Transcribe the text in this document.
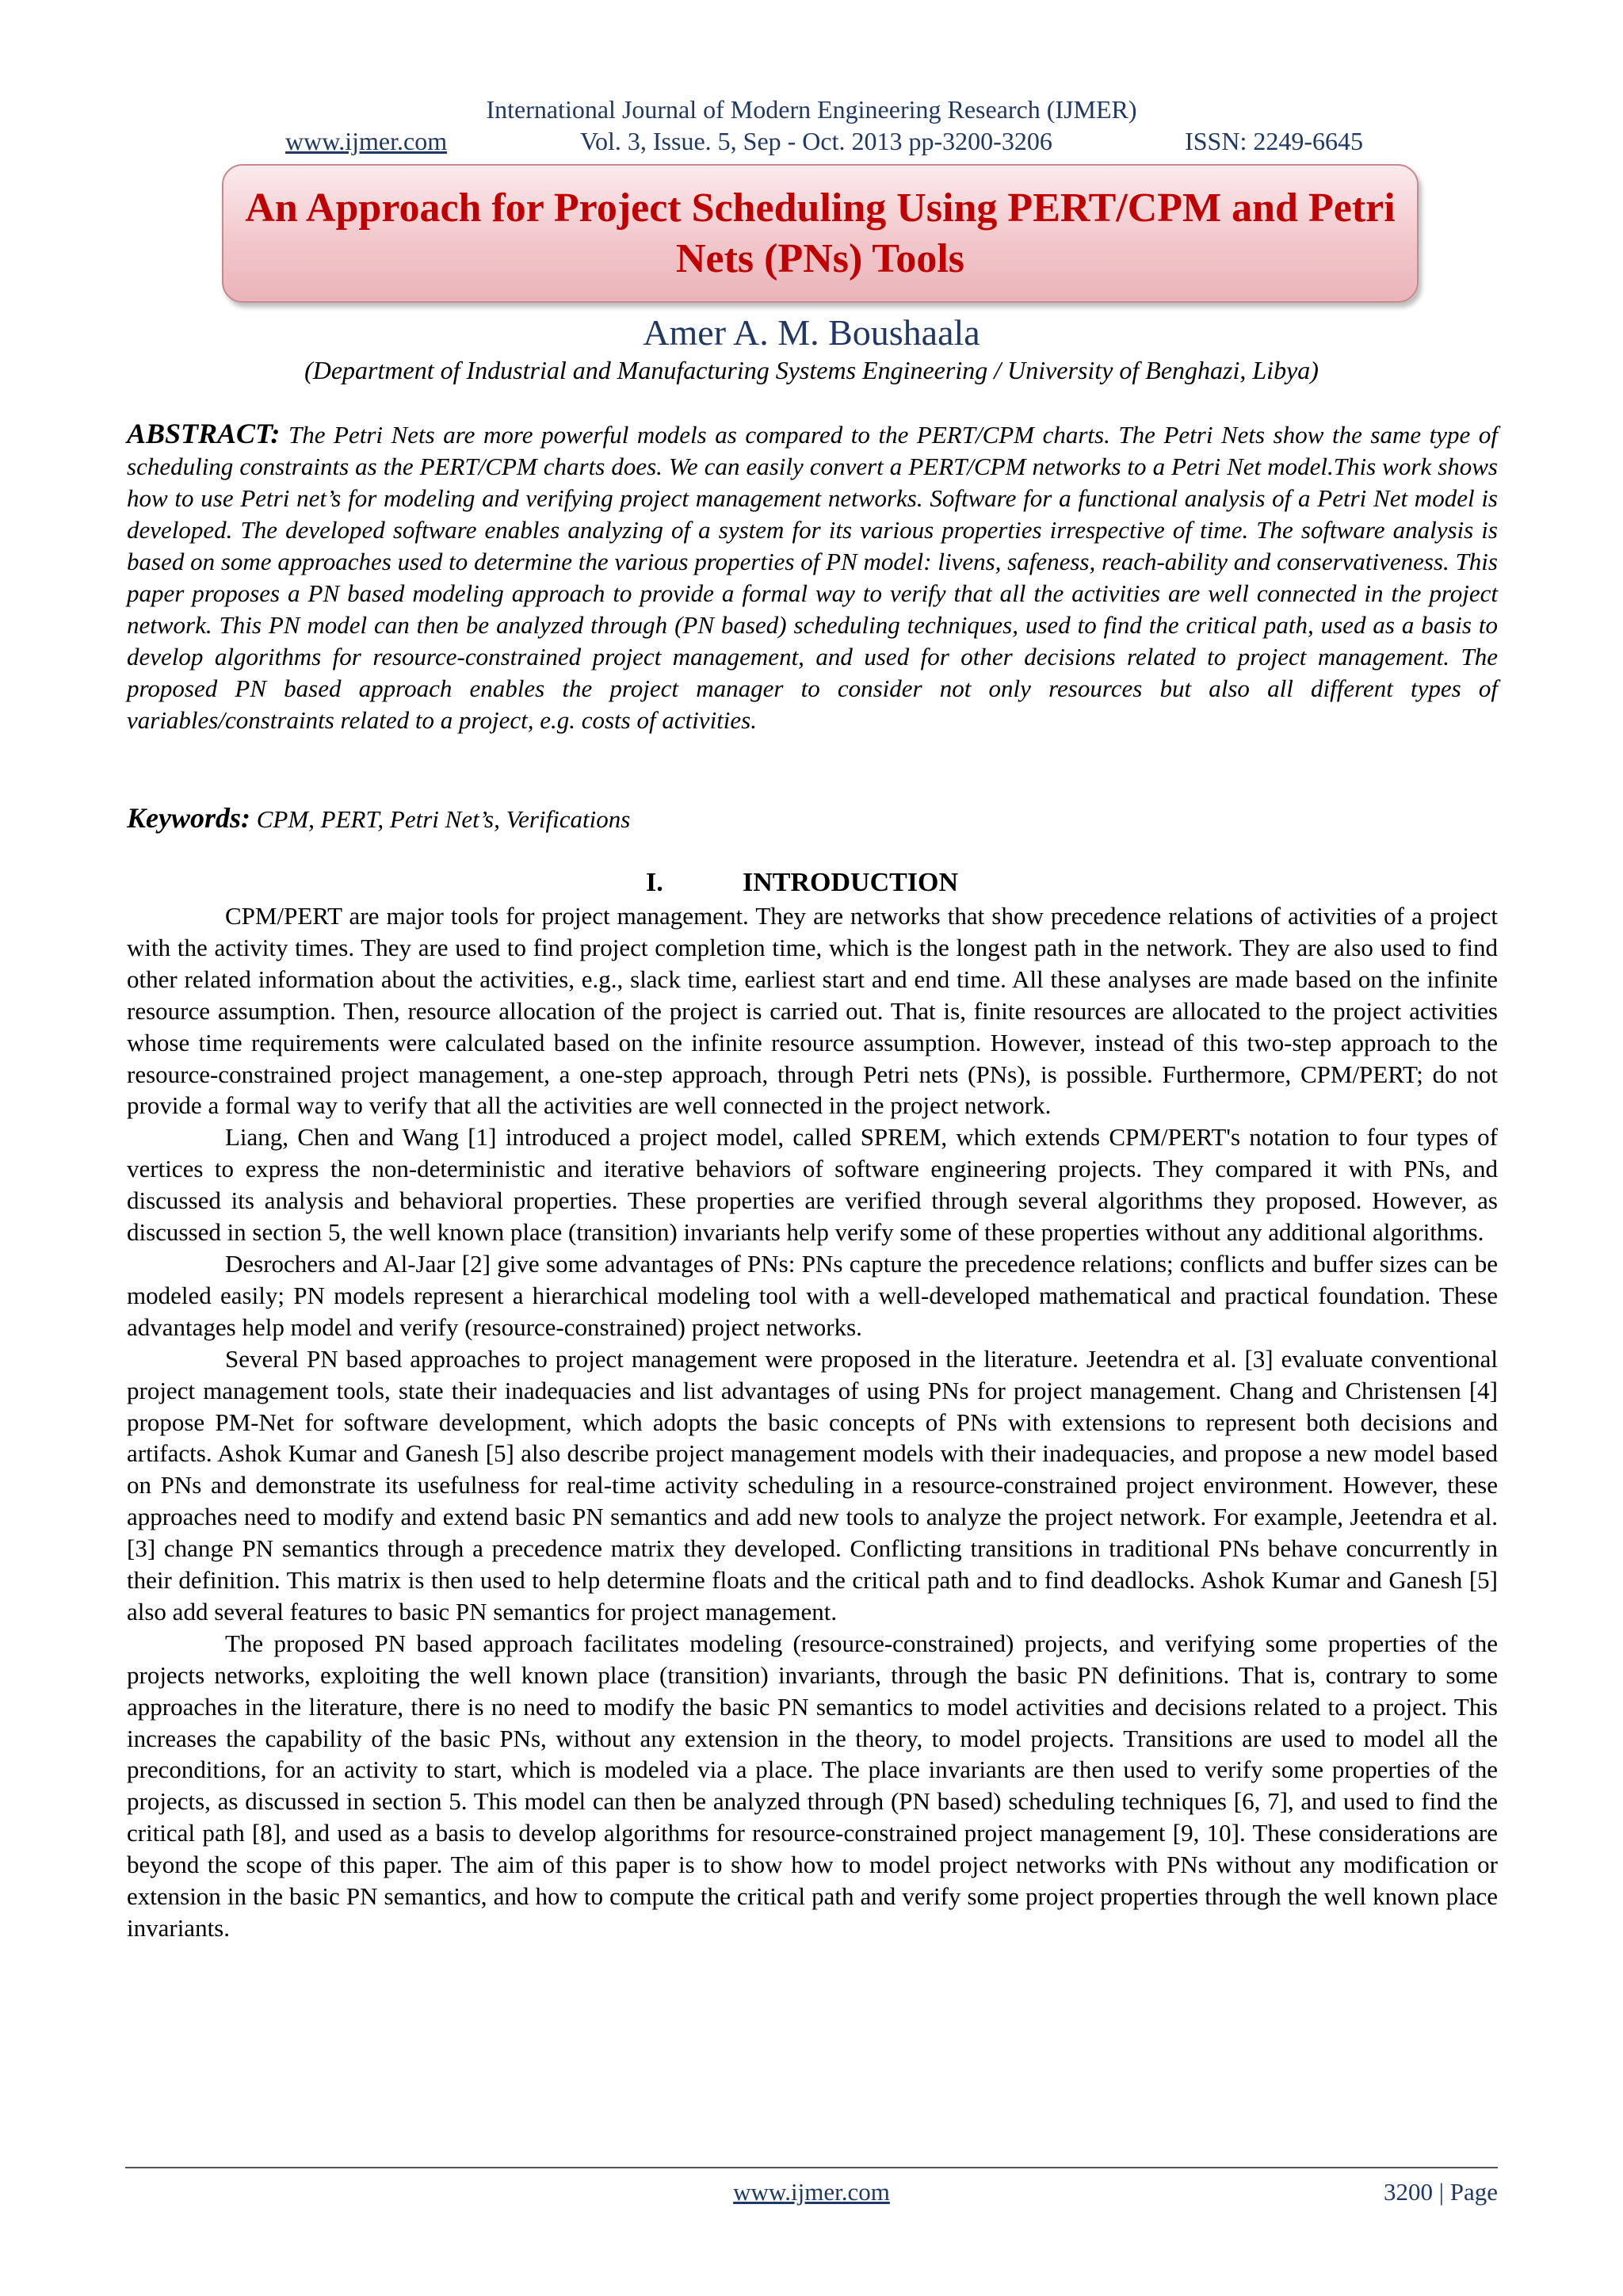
International Journal of Modern Engineering Research (IJMER)
www.ijmer.com	Vol. 3, Issue. 5, Sep - Oct. 2013 pp-3200-3206	ISSN: 2249-6645
An Approach for Project Scheduling Using PERT/CPM and Petri Nets (PNs) Tools
Amer A. M. Boushaala
(Department of Industrial and Manufacturing Systems Engineering / University of Benghazi, Libya)
ABSTRACT: The Petri Nets are more powerful models as compared to the PERT/CPM charts. The Petri Nets show the same type of scheduling constraints as the PERT/CPM charts does. We can easily convert a PERT/CPM networks to a Petri Net model.This work shows how to use Petri net’s for modeling and verifying project management networks. Software for a functional analysis of a Petri Net model is developed. The developed software enables analyzing of a system for its various properties irrespective of time. The software analysis is based on some approaches used to determine the various properties of PN model: livens, safeness, reach-ability and conservativeness. This paper proposes a PN based modeling approach to provide a formal way to verify that all the activities are well connected in the project network. This PN model can then be analyzed through (PN based) scheduling techniques, used to find the critical path, used as a basis to develop algorithms for resource-constrained project management, and used for other decisions related to project management. The proposed PN based approach enables the project manager to consider not only resources but also all different types of variables/constraints related to a project, e.g. costs of activities.
Keywords: CPM, PERT, Petri Net’s, Verifications
I.	INTRODUCTION

CPM/PERT are major tools for project management. They are networks that show precedence relations of activities of a project with the activity times. They are used to find project completion time, which is the longest path in the network. They are also used to find other related information about the activities, e.g., slack time, earliest start and end time. All these analyses are made based on the infinite resource assumption. Then, resource allocation of the project is carried out. That is, finite resources are allocated to the project activities whose time requirements were calculated based on the infinite resource assumption. However, instead of this two-step approach to the resource-constrained project management, a one-step approach, through Petri nets (PNs), is possible. Furthermore, CPM/PERT; do not provide a formal way to verify that all the activities are well connected in the project network.

Liang, Chen and Wang [1] introduced a project model, called SPREM, which extends CPM/PERT's notation to four types of vertices to express the non-deterministic and iterative behaviors of software engineering projects. They compared it with PNs, and discussed its analysis and behavioral properties. These properties are verified through several algorithms they proposed. However, as discussed in section 5, the well known place (transition) invariants help verify some of these properties without any additional algorithms.

Desrochers and Al-Jaar [2] give some advantages of PNs: PNs capture the precedence relations; conflicts and buffer sizes can be modeled easily; PN models represent a hierarchical modeling tool with a well-developed mathematical and practical foundation. These advantages help model and verify (resource-constrained) project networks.

Several PN based approaches to project management were proposed in the literature. Jeetendra et al. [3] evaluate conventional project management tools, state their inadequacies and list advantages of using PNs for project management. Chang and Christensen [4] propose PM-Net for software development, which adopts the basic concepts of PNs with extensions to represent both decisions and artifacts. Ashok Kumar and Ganesh [5] also describe project management models with their inadequacies, and propose a new model based on PNs and demonstrate its usefulness for real-time activity scheduling in a resource-constrained project environment. However, these approaches need to modify and extend basic PN semantics and add new tools to analyze the project network. For example, Jeetendra et al. [3] change PN semantics through a precedence matrix they developed. Conflicting transitions in traditional PNs behave concurrently in their definition. This matrix is then used to help determine floats and the critical path and to find deadlocks. Ashok Kumar and Ganesh [5] also add several features to basic PN semantics for project management.

The proposed PN based approach facilitates modeling (resource-constrained) projects, and verifying some properties of the projects networks, exploiting the well known place (transition) invariants, through the basic PN definitions. That is, contrary to some approaches in the literature, there is no need to modify the basic PN semantics to model activities and decisions related to a project. This increases the capability of the basic PNs, without any extension in the theory, to model projects. Transitions are used to model all the preconditions, for an activity to start, which is modeled via a place. The place invariants are then used to verify some properties of the projects, as discussed in section 5. This model can then be analyzed through (PN based) scheduling techniques [6, 7], and used to find the critical path [8], and used as a basis to develop algorithms for resource-constrained project management [9, 10]. These considerations are beyond the scope of this paper. The aim of this paper is to show how to model project networks with PNs without any modification or extension in the basic PN semantics, and how to compute the critical path and verify some project properties through the well known place invariants.

www.ijmer.com	3200 | Page
